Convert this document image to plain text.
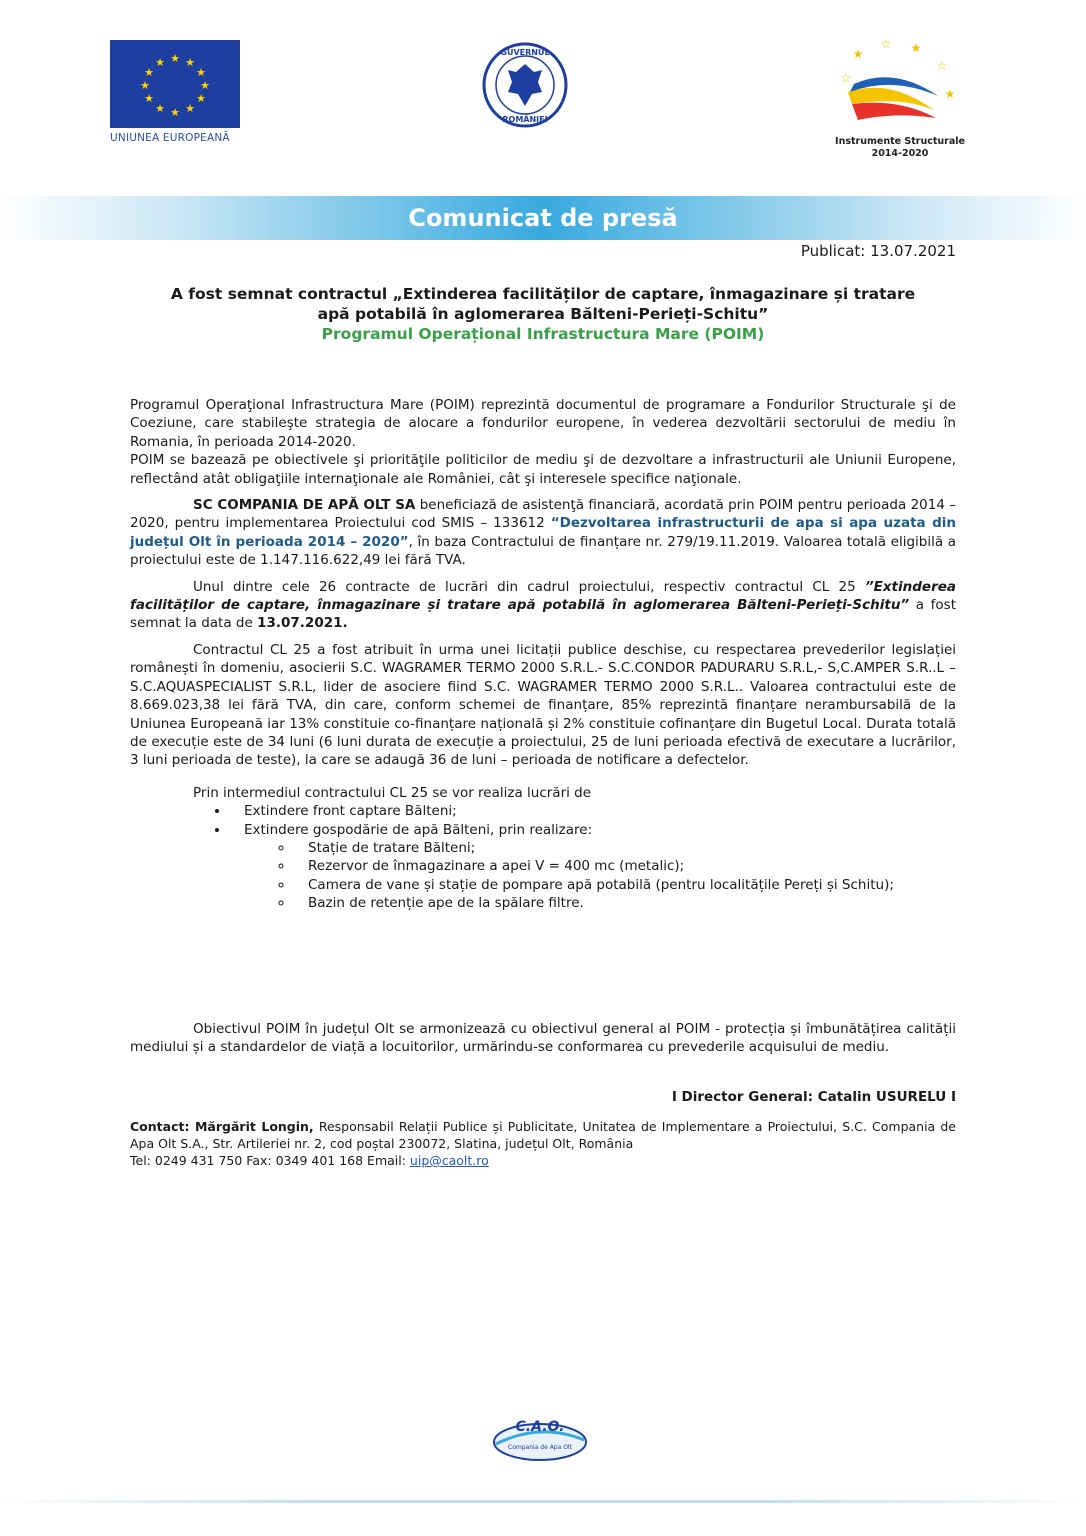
★ ★
★
★
★
★
★
★
★
★
★
★
UNIUNEA EUROPEANĂ
GUVERNUL
ROMÂNIEI
★
☆ ★
☆
★
☆
Instrumente Structurale
2014-2020
Comunicat de presă
Publicat: 13.07.2021
A fost semnat contractul „Extinderea facilităților de captare, înmagazinare și tratare
apă potabilă în aglomerarea Bălteni-Perieți-Schitu”
Programul Operațional Infrastructura Mare (POIM)

Programul Operaţional Infrastructura Mare (POIM) reprezintă documentul de programare a Fondurilor Structurale şi de Coeziune, care stabileşte strategia de alocare a fondurilor europene, în vederea dezvoltării sectorului de mediu în Romania, în perioada 2014-2020.

POIM se bazează pe obiectivele şi priorităţile politicilor de mediu şi de dezvoltare a infrastructurii ale Uniunii Europene, reflectând atât obligaţiile internaţionale ale României, cât şi interesele specifice naţionale.

SC COMPANIA DE APĂ OLT SA beneficiază de asistenţă financiară, acordată prin POIM pentru perioada 2014 – 2020, pentru implementarea Proiectului cod SMIS – 133612 “Dezvoltarea infrastructurii de apa si apa uzata din județul Olt în perioada 2014 – 2020”, în baza Contractului de finanțare nr. 279/19.11.2019. Valoarea totală eligibilă a proiectului este de 1.147.116.622,49 lei fără TVA.

Unul dintre cele 26 contracte de lucrări din cadrul proiectului, respectiv contractul CL 25 ”Extinderea facilităților de captare, înmagazinare și tratare apă potabilă în aglomerarea Bălteni-Perieți-Schitu” a fost semnat la data de 13.07.2021.

Contractul CL 25 a fost atribuit în urma unei licitații publice deschise, cu respectarea prevederilor legislației românești în domeniu, asocierii S.C. WAGRAMER TERMO 2000 S.R.L.- S.C.CONDOR PADURARU S.R.L,- S,C.AMPER S.R..L – S.C.AQUASPECIALIST S.R.L, lider de asociere fiind S.C. WAGRAMER TERMO 2000 S.R.L.. Valoarea contractului este de 8.669.023,38 lei fără TVA, din care, conform schemei de finanțare, 85% reprezintă finanțare nerambursabilă de la Uniunea Europeană iar 13% constituie co-finanțare națională și 2% constituie cofinanțare din Bugetul Local. Durata totală de execuție este de 34 luni (6 luni durata de execuție a proiectului, 25 de luni perioada efectivă de executare a lucrărilor, 3 luni perioada de teste), la care se adaugă 36 de luni – perioada de notificare a defectelor.

Prin intermediul contractului CL 25 se vor realiza lucrări de

• Extindere front captare Bălteni;
• Extindere gospodărie de apă Bălteni, prin realizare:
◦ Stație de tratare Bălteni;
◦ Rezervor de înmagazinare a apei V = 400 mc (metalic);
◦ Camera de vane și stație de pompare apă potabilă (pentru localitățile Pereți și Schitu);
◦ Bazin de retenție ape de la spălare filtre.

Obiectivul POIM în județul Olt se armonizează cu obiectivul general al POIM - protecția și îmbunătățirea calității mediului și a standardelor de viață a locuitorilor, urmărindu-se conformarea cu prevederile acquisului de mediu.

I Director General: Catalin USURELU I
Contact: Mărgărit Longin, Responsabil Relații Publice și Publicitate, Unitatea de Implementare a Proiectului, S.C. Compania de Apa Olt S.A., Str. Artileriei nr. 2, cod poștal 230072, Slatina, județul Olt, România
Tel: 0249 431 750 Fax: 0349 401 168 Email: uip@caolt.ro
C.A.O.
Compania de Apa Olt
